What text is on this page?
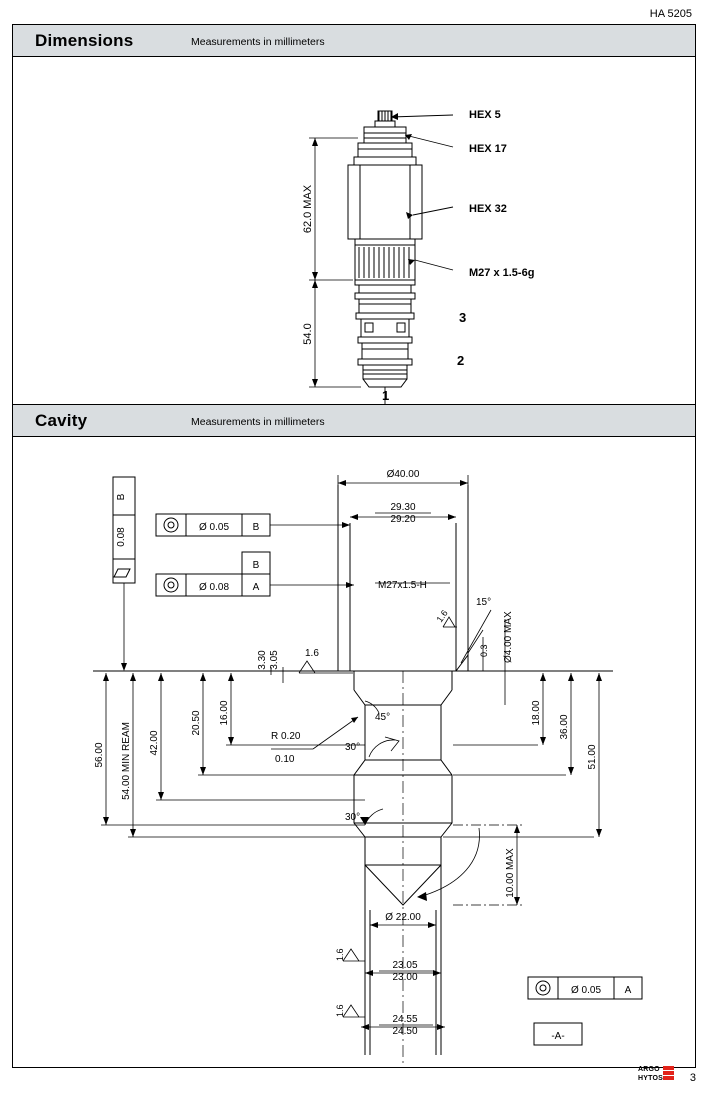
HA 5205
Dimensions	Measurements in millimeters
62.0 MAX
54.0
HEX 5
HEX 17
HEX 32
M27 x 1.5-6g
3
2
1
Cavity	Measurements in millimeters
Ø40.00
29.30
29.20
Ø 0.05 B
B
Ø 0.08 A	M27x1.5-H
B
0.08
15°
1.6
0.3 Ø4.00 MAX
3.30 3.05	1.6
45°
R 0.20
0.10
30°
30°
56.00 54.00 MIN REAM 42.00
20.50 16.00	18.00
36.00
51.00
10.00 MAX
Ø 22.00
23.05
23.00
24.55
24.50
1.6
1.6
Ø 0.05 A
-A-
ARGO
HYTOS 3
